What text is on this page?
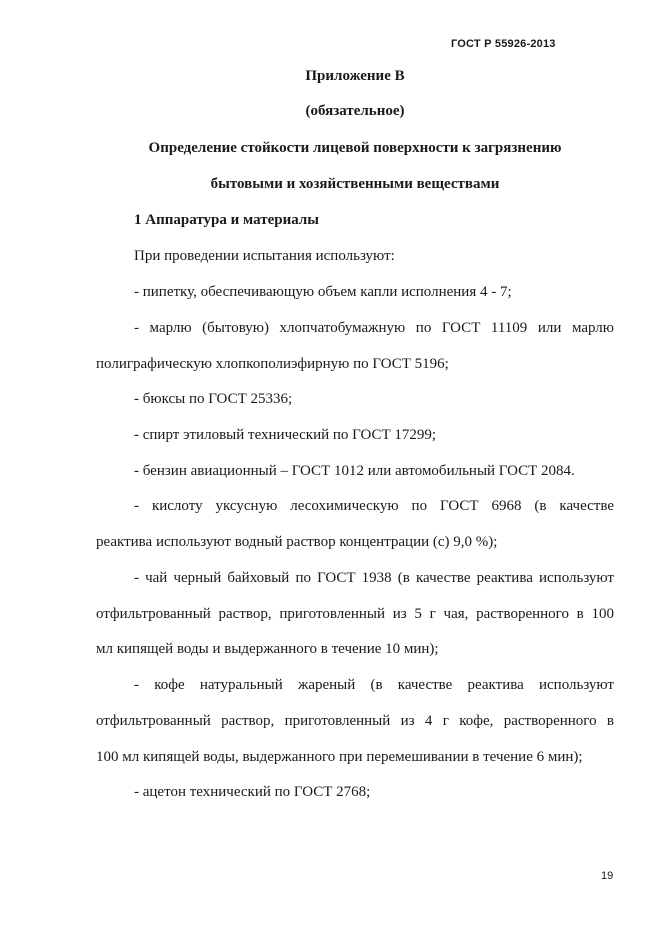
ГОСТ Р 55926-2013
Приложение В
(обязательное)
Определение стойкости лицевой поверхности к загрязнению
бытовыми и хозяйственными веществами
1 Аппаратура и материалы
При проведении испытания используют:
- пипетку, обеспечивающую объем капли исполнения 4 - 7;
- марлю (бытовую) хлопчатобумажную по ГОСТ 11109 или марлю
полиграфическую хлопкополиэфирную по ГОСТ 5196;
- бюксы по ГОСТ 25336;
- спирт этиловый технический по ГОСТ 17299;
- бензин авиационный – ГОСТ 1012 или автомобильный ГОСТ 2084.
- кислоту уксусную лесохимическую по ГОСТ 6968 (в качестве
реактива используют водный раствор концентрации (с) 9,0 %);
- чай черный байховый по ГОСТ 1938 (в качестве реактива используют
отфильтрованный раствор, приготовленный из 5 г чая, растворенного в 100
мл кипящей воды и выдержанного в течение 10 мин);
- кофе натуральный жареный (в качестве реактива используют
отфильтрованный раствор, приготовленный из 4 г кофе, растворенного в
100 мл кипящей воды, выдержанного при перемешивании в течение 6 мин);
- ацетон технический по ГОСТ 2768;
19
